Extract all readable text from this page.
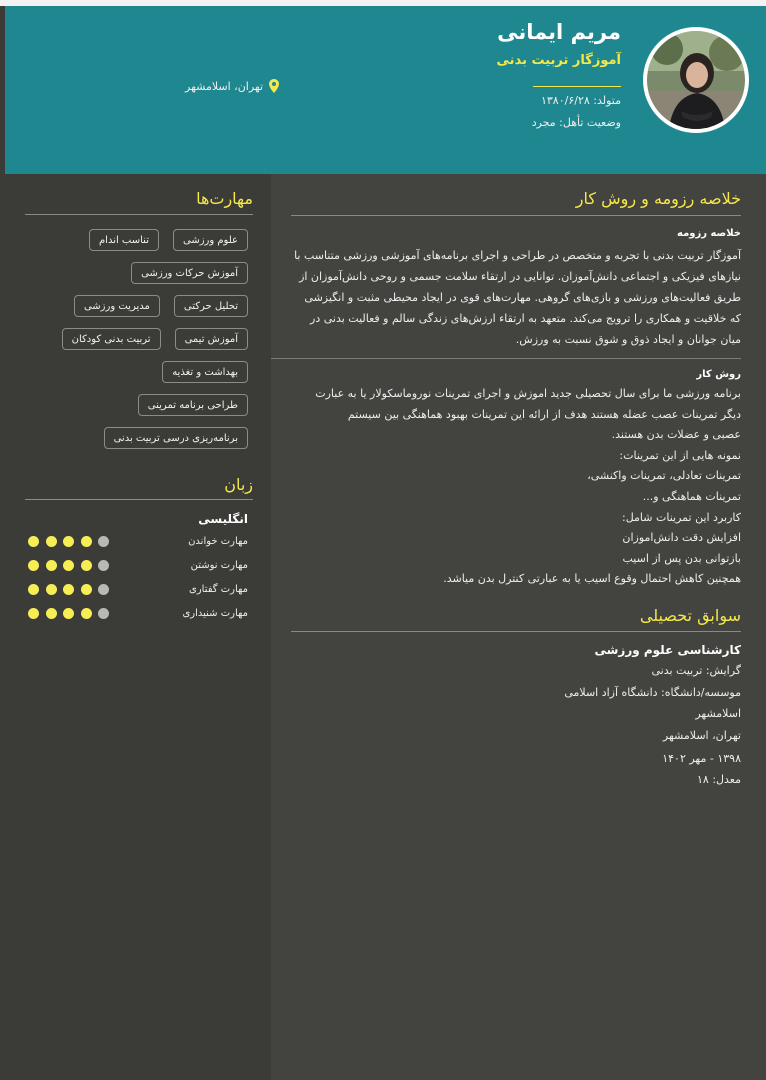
مریم ایمانی
آموزگار تربیت بدنی
متولد: ۱۳۸۰/۶/۲۸
وضعیت تأهل: مجرد
تهران، اسلامشهر
خلاصه رزومه و روش کار
خلاصه رزومه
آموزگار تربیت بدنی با تجربه و متخصص در طراحی و اجرای برنامه‌های آموزشی ورزشی متناسب با نیازهای فیزیکی و اجتماعی دانش‌آموزان. توانایی در ارتقاء سلامت جسمی و روحی دانش‌آموزان از طریق فعالیت‌های ورزشی و بازی‌های گروهی. مهارت‌های قوی در ایجاد محیطی مثبت و انگیزشی که خلاقیت و همکاری را ترویج می‌کند. متعهد به ارتقاء ارزش‌های زندگی سالم و فعالیت بدنی در میان جوانان و ایجاد ذوق و شوق نسبت به ورزش.
روش کار
برنامه ورزشی ما برای سال تحصیلی جدید اموزش و اجرای تمرینات نوروماسکولار یا به عبارت
دیگر تمرینات عصب عضله هستند هدف از ارائه این تمرینات بهبود هماهنگی بین سیستم
عصبی و عضلات بدن هستند.
نمونه هایی از این تمرینات:
تمرینات تعادلی، تمرینات واکنشی،
تمرینات هماهنگی و...
کاربرد این تمرینات شامل:
افزایش دقت دانش‌اموزان
بازتوانی بدن پس از اسیب
همچنین کاهش احتمال وقوع اسیب یا به عبارتی کنترل بدن میاشد.
سوابق تحصیلی
کارشناسی علوم ورزشی
گرایش: تربیت بدنی
موسسه/دانشگاه: دانشگاه آزاد اسلامی
اسلامشهر
تهران، اسلامشهر
۱۳۹۸ - مهر ۱۴۰۲
معدل: ۱۸
مهارت‌ها
علوم ورزشی
تناسب اندام
آموزش حرکات ورزشی
تحلیل حرکتی
مدیریت ورزشی
آموزش تیمی
تربیت بدنی کودکان
بهداشت و تغذیه
طراحی برنامه تمرینی
برنامه‌ریزی درسی تربیت بدنی
زبان
انگلیسی
مهارت خواندن
مهارت نوشتن
مهارت گفتاری
مهارت شنیداری
